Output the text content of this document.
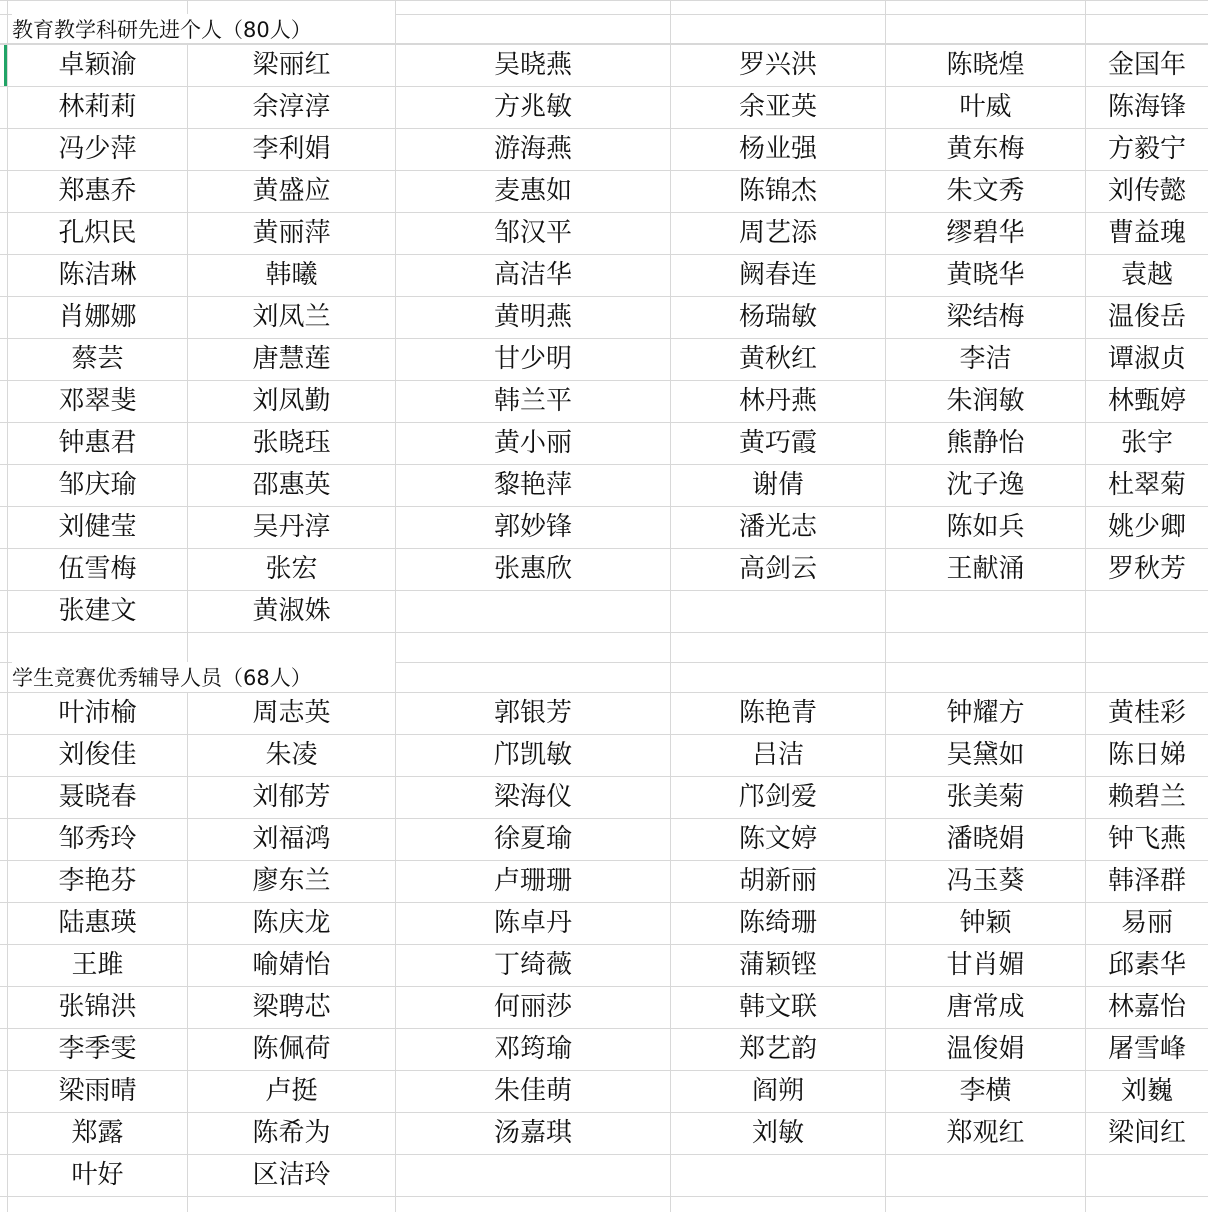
教育教学科研先进个人（80人）
卓颖渝	梁丽红	吴晓燕	罗兴洪	陈晓煌	金国年
林莉莉	余淳淳	方兆敏	余亚英	叶威	陈海锋
冯少萍	李利娟	游海燕	杨业强	黄东梅	方毅宁
郑惠乔	黄盛应	麦惠如	陈锦杰	朱文秀	刘传懿
孔炽民	黄丽萍	邹汉平	周艺添	缪碧华	曹益瑰
陈洁琳	韩曦	高洁华	阙春连	黄晓华	袁越
肖娜娜	刘凤兰	黄明燕	杨瑞敏	梁结梅	温俊岳
蔡芸	唐慧莲	甘少明	黄秋红	李洁	谭淑贞
邓翠斐	刘凤勤	韩兰平	林丹燕	朱润敏	林甄婷
钟惠君	张晓珏	黄小丽	黄巧霞	熊静怡	张宇
邹庆瑜	邵惠英	黎艳萍	谢倩	沈子逸	杜翠菊
刘健莹	吴丹淳	郭妙锋	潘光志	陈如兵	姚少卿
伍雪梅	张宏	张惠欣	高剑云	王献涌	罗秋芳
张建文	黄淑姝
学生竞赛优秀辅导人员（68人）
叶沛榆	周志英	郭银芳	陈艳青	钟耀方	黄桂彩
刘俊佳	朱凌	邝凯敏	吕洁	吴黛如	陈日娣
聂晓春	刘郁芳	梁海仪	邝剑爱	张美菊	赖碧兰
邹秀玲	刘福鸿	徐夏瑜	陈文婷	潘晓娟	钟飞燕
李艳芬	廖东兰	卢珊珊	胡新丽	冯玉葵	韩泽群
陆惠瑛	陈庆龙	陈卓丹	陈绮珊	钟颖	易丽
王雎	喻婧怡	丁绮薇	蒲颖铿	甘肖媚	邱素华
张锦洪	梁聘芯	何丽莎	韩文联	唐常成	林嘉怡
李季雯	陈佩荷	邓筠瑜	郑艺韵	温俊娟	屠雪峰
梁雨晴	卢挺	朱佳萌	阎朔	李横	刘巍
郑露	陈希为	汤嘉琪	刘敏	郑观红	梁间红
叶好	区洁玲
